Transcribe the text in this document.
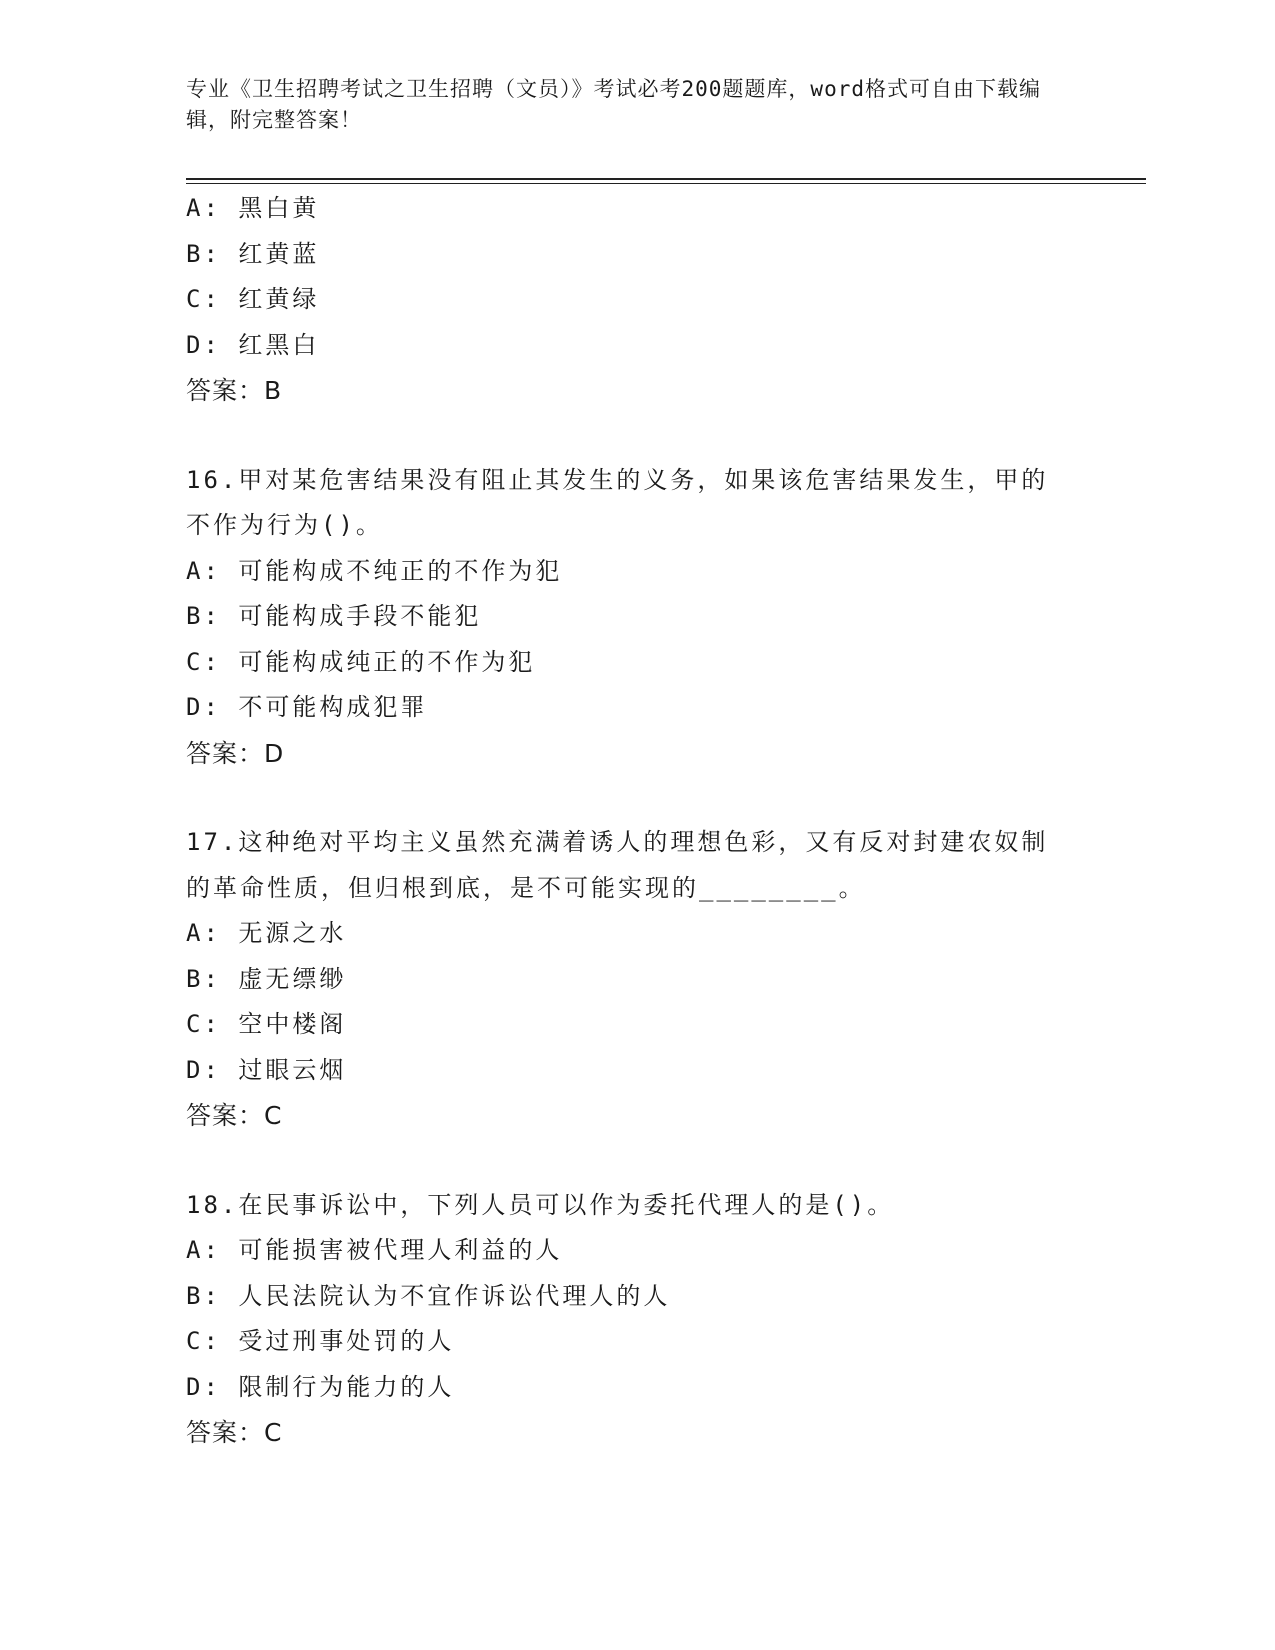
专业《卫生招聘考试之卫生招聘（文员）》考试必考200题题库，word格式可自由下载编辑，附完整答案！
A: 黑白黄
B: 红黄蓝
C: 红黄绿
D: 红黑白
答案：B
16.甲对某危害结果没有阻止其发生的义务，如果该危害结果发生，甲的不作为行为()。
A: 可能构成不纯正的不作为犯
B: 可能构成手段不能犯
C: 可能构成纯正的不作为犯
D: 不可能构成犯罪
答案：D
17.这种绝对平均主义虽然充满着诱人的理想色彩，又有反对封建农奴制的革命性质，但归根到底，是不可能实现的________。
A: 无源之水
B: 虚无缥缈
C: 空中楼阁
D: 过眼云烟
答案：C
18.在民事诉讼中，下列人员可以作为委托代理人的是()。
A: 可能损害被代理人利益的人
B: 人民法院认为不宜作诉讼代理人的人
C: 受过刑事处罚的人
D: 限制行为能力的人
答案：C
